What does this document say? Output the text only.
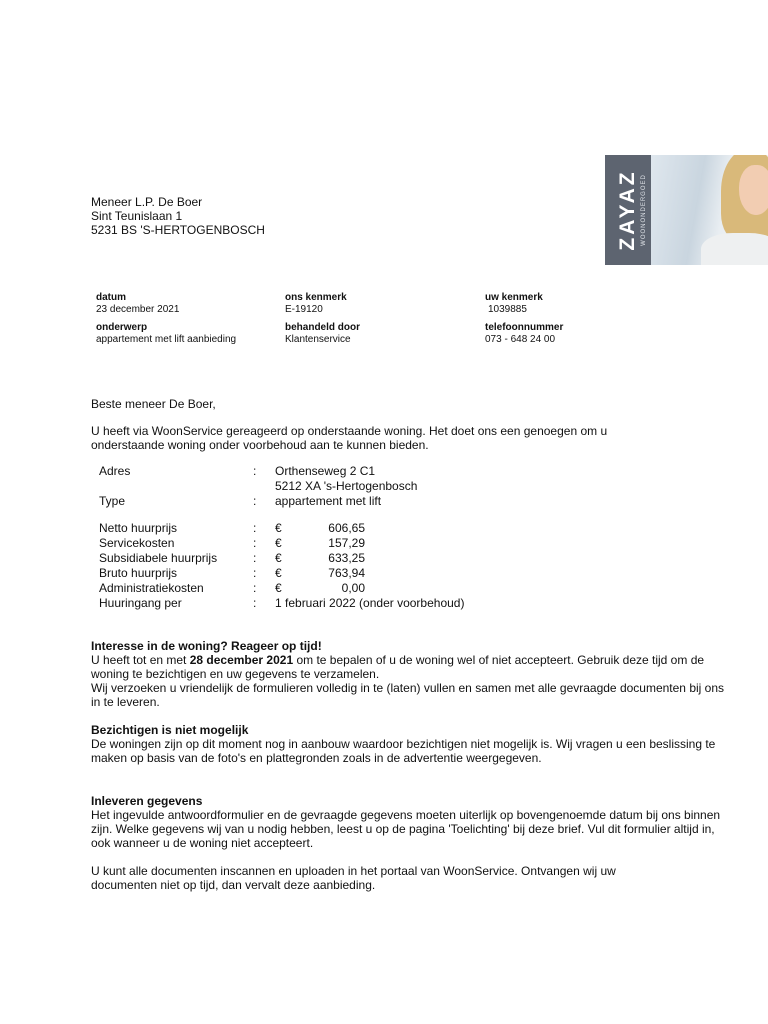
Meneer L.P. De Boer
Sint Teunislaan 1
5231 BS 'S-HERTOGENBOSCH	ZAYAZ WOONONDERGOED
datum
23 december 2021
ons kenmerk
E-19120
uw kenmerk
1039885
onderwerp
appartement met lift aanbieding
behandeld door
Klantenservice
telefoonnummer
073 - 648 24 00
Beste meneer De Boer,
U heeft via WoonService gereageerd op onderstaande woning. Het doet ons een genoegen om u onderstaande woning onder voorbehoud aan te kunnen bieden.
Adres	: Orthenseweg 2 C1
5212 XA 's-Hertogenbosch
Type	: appartement met lift
Netto huurprijs	: €	606,65
Servicekosten	: €	157,29
Subsidiabele huurprijs	: €	633,25
Bruto huurprijs	: €	763,94
Administratiekosten	: €	0,00
Huuringang per	: 1 februari 2022 (onder voorbehoud)

Interesse in de woning? Reageer op tijd!

U heeft tot en met 28 december 2021 om te bepalen of u de woning wel of niet accepteert. Gebruik deze tijd om de woning te bezichtigen en uw gegevens te verzamelen.

Wij verzoeken u vriendelijk de formulieren volledig in te (laten) vullen en samen met alle gevraagde documenten bij ons in te leveren.

Bezichtigen is niet mogelijk

De woningen zijn op dit moment nog in aanbouw waardoor bezichtigen niet mogelijk is. Wij vragen u een beslissing te maken op basis van de foto's en plattegronden zoals in de advertentie weergegeven.

Inleveren gegevens

Het ingevulde antwoordformulier en de gevraagde gegevens moeten uiterlijk op bovengenoemde datum bij ons binnen zijn. Welke gegevens wij van u nodig hebben, leest u op de pagina 'Toelichting' bij deze brief. Vul dit formulier altijd in, ook wanneer u de woning niet accepteert.

U kunt alle documenten inscannen en uploaden in het portaal van WoonService. Ontvangen wij uw documenten niet op tijd, dan vervalt deze aanbieding.
